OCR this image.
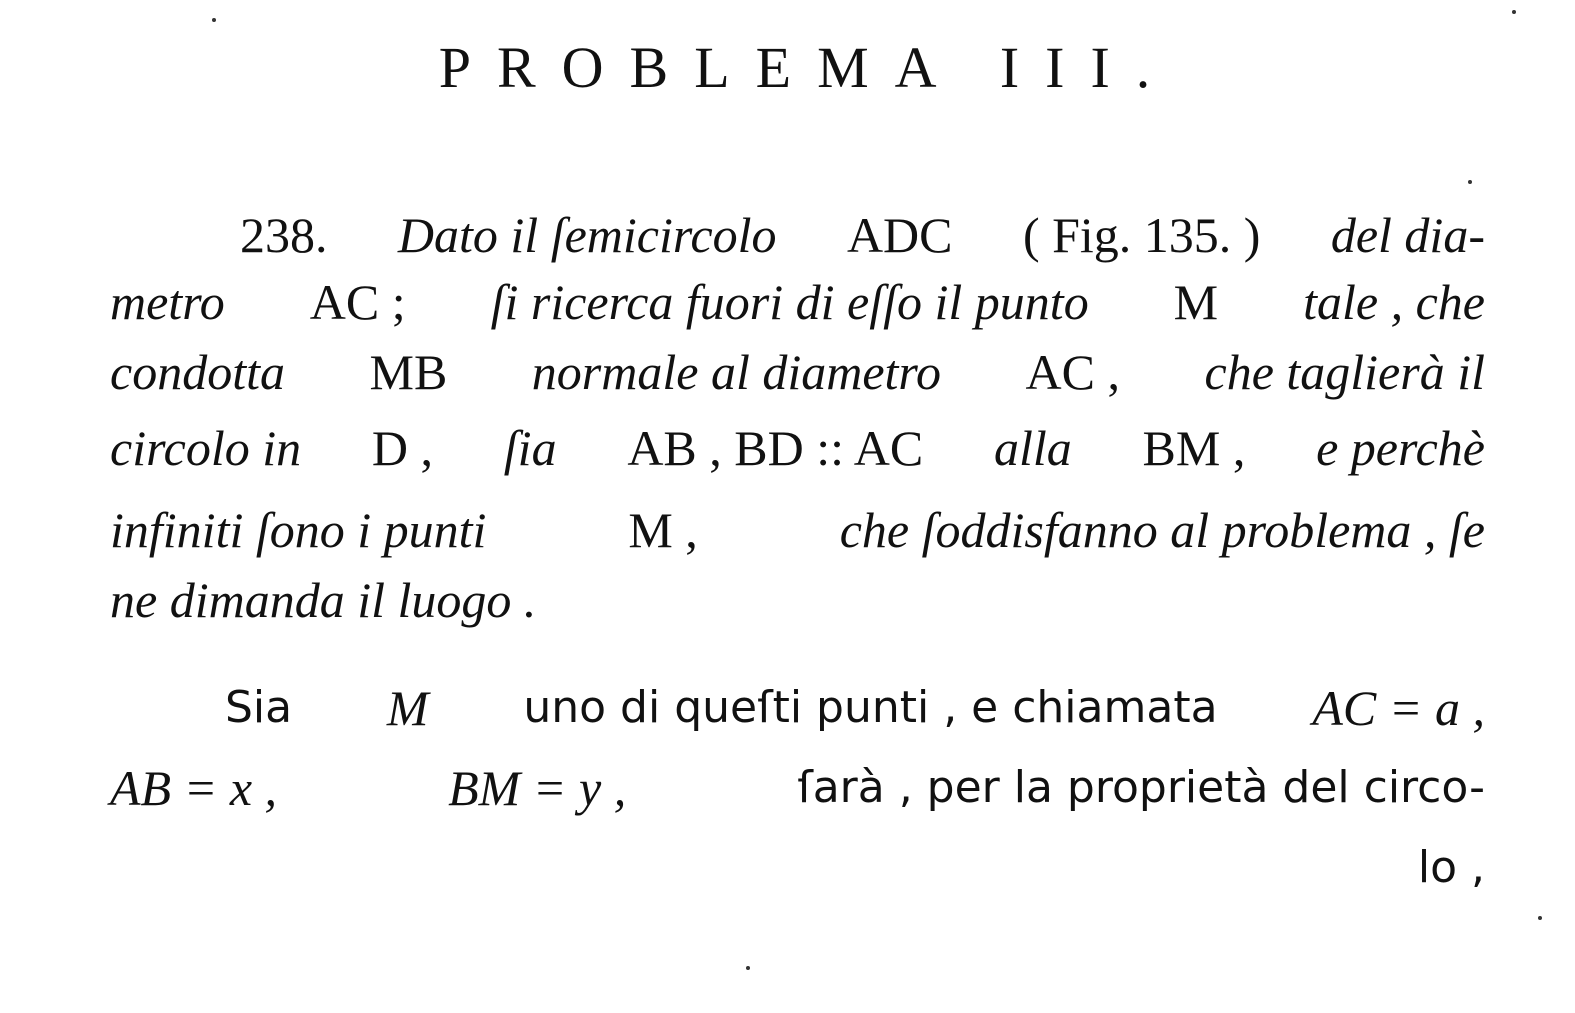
PROBLEMA III.
238. Dato il ſemicircolo ADC ( Fig. 135. ) del dia-
metro AC ; ſi ricerca fuori di eſſo il punto M tale , che
condotta MB normale al diametro AC , che taglierà il
circolo in D , ſia AB , BD :: AC alla BM , e perchè
infiniti ſono i punti	M ,	che ſoddisfanno al problema , ſe
ne dimanda il luogo .
Sia M uno di queſti punti , e chiamata AC = a ,
AB = x ,	BM = y ,	ſarà , per la proprietà del circo-
lo ,
